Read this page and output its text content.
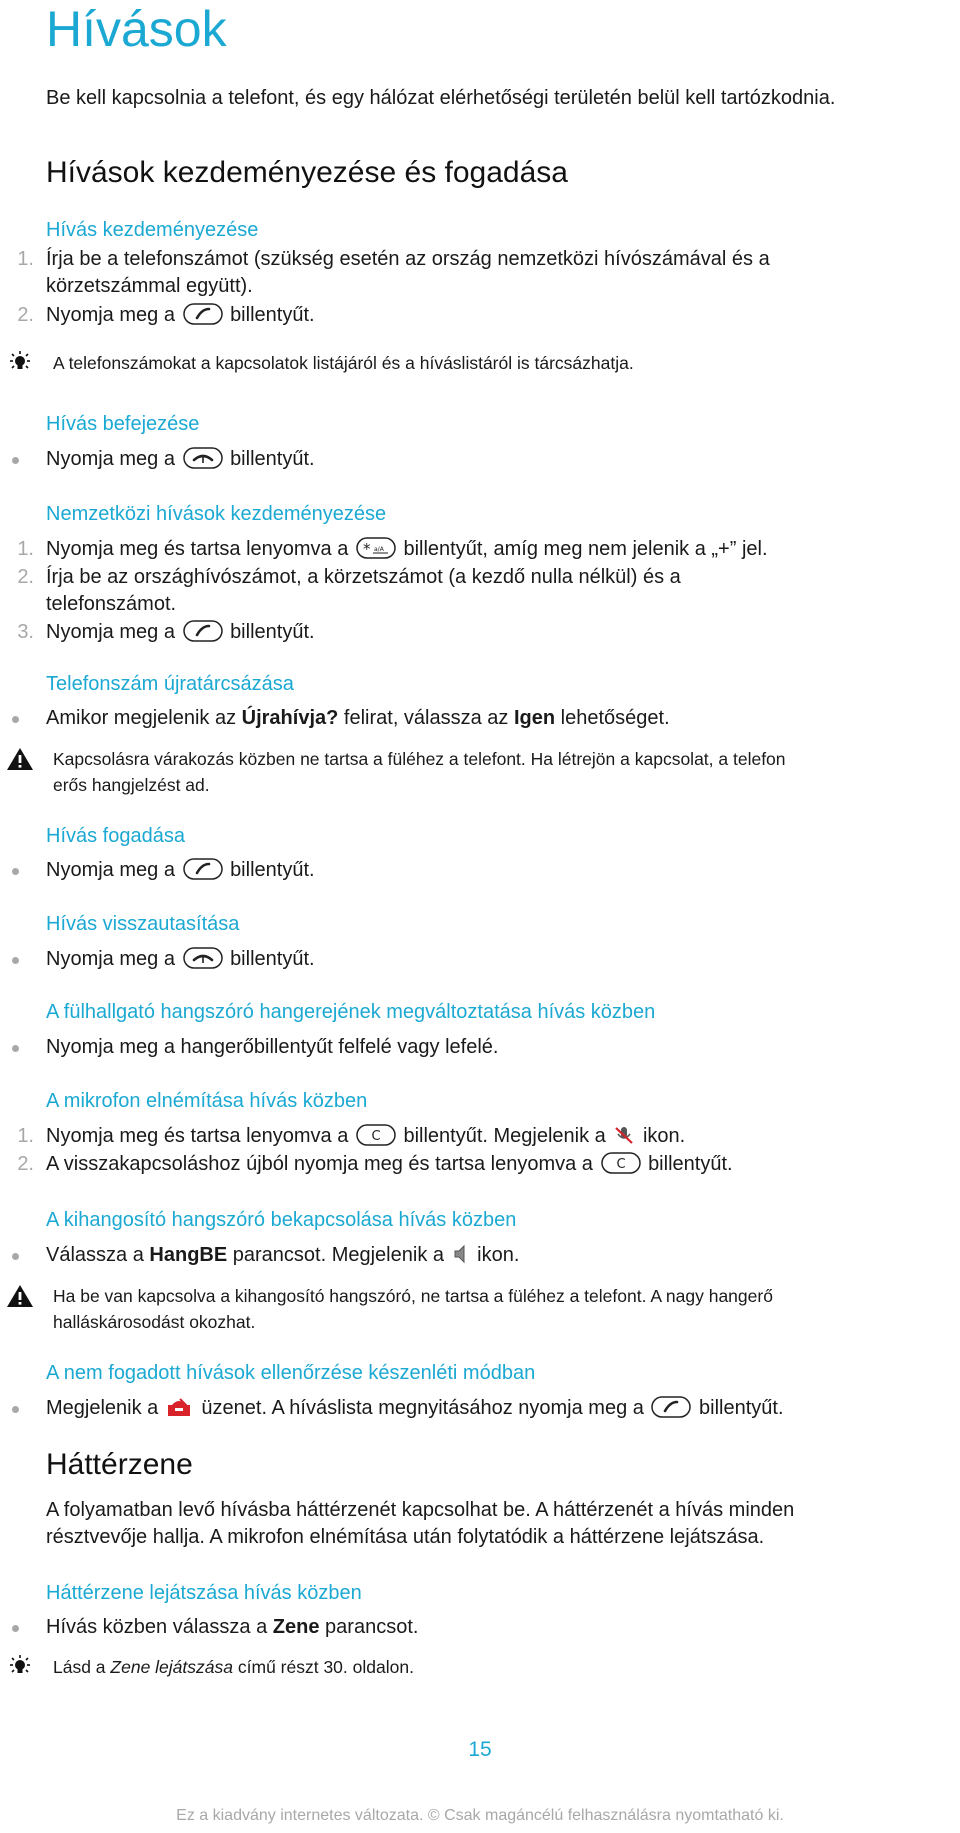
Hívások
Be kell kapcsolnia a telefont, és egy hálózat elérhetőségi területén belül kell tartózkodnia.
Hívások kezdeményezése és fogadása
Hívás kezdeményezése
1. Írja be a telefonszámot (szükség esetén az ország nemzetközi hívószámával és a
körzetszámmal együtt).
2. Nyomja meg a	billentyűt.
A telefonszámokat a kapcsolatok listájáról és a híváslistáról is tárcsázhatja.
Hívás befejezése
Nyomja meg a	billentyűt.
Nemzetközi hívások kezdeményezése
1. Nyomja meg és tartsa lenyomva a * a/A billentyűt, amíg meg nem jelenik a „+” jel.
2. Írja be az országhívószámot, a körzetszámot (a kezdő nulla nélkül) és a
telefonszámot.
3. Nyomja meg a	billentyűt.
Telefonszám újratárcsázása
Amikor megjelenik az Újrahívja? felirat, válassza az Igen lehetőséget.
Kapcsolásra várakozás közben ne tartsa a füléhez a telefont. Ha létrejön a kapcsolat, a telefon
erős hangjelzést ad.
Hívás fogadása
Nyomja meg a	billentyűt.
Hívás visszautasítása
Nyomja meg a	billentyűt.
A fülhallgató hangszóró hangerejének megváltoztatása hívás közben
Nyomja meg a hangerőbillentyűt felfelé vagy lefelé.
A mikrofon elnémítása hívás közben
1. Nyomja meg és tartsa lenyomva a C billentyűt. Megjelenik a ikon.
2. A visszakapcsoláshoz újból nyomja meg és tartsa lenyomva a C billentyűt.
A kihangosító hangszóró bekapcsolása hívás közben
Válassza a HangBE parancsot. Megjelenik a ikon.
Ha be van kapcsolva a kihangosító hangszóró, ne tartsa a füléhez a telefont. A nagy hangerő
halláskárosodást okozhat.
A nem fogadott hívások ellenőrzése készenléti módban
Megjelenik a üzenet. A híváslista megnyitásához nyomja meg a	billentyűt.
Háttérzene
A folyamatban levő hívásba háttérzenét kapcsolhat be. A háttérzenét a hívás minden
résztvevője hallja. A mikrofon elnémítása után folytatódik a háttérzene lejátszása.
Háttérzene lejátszása hívás közben
Hívás közben válassza a Zene parancsot.
Lásd a Zene lejátszása című részt 30. oldalon.
15
Ez a kiadvány internetes változata. © Csak magáncélú felhasználásra nyomtatható ki.
